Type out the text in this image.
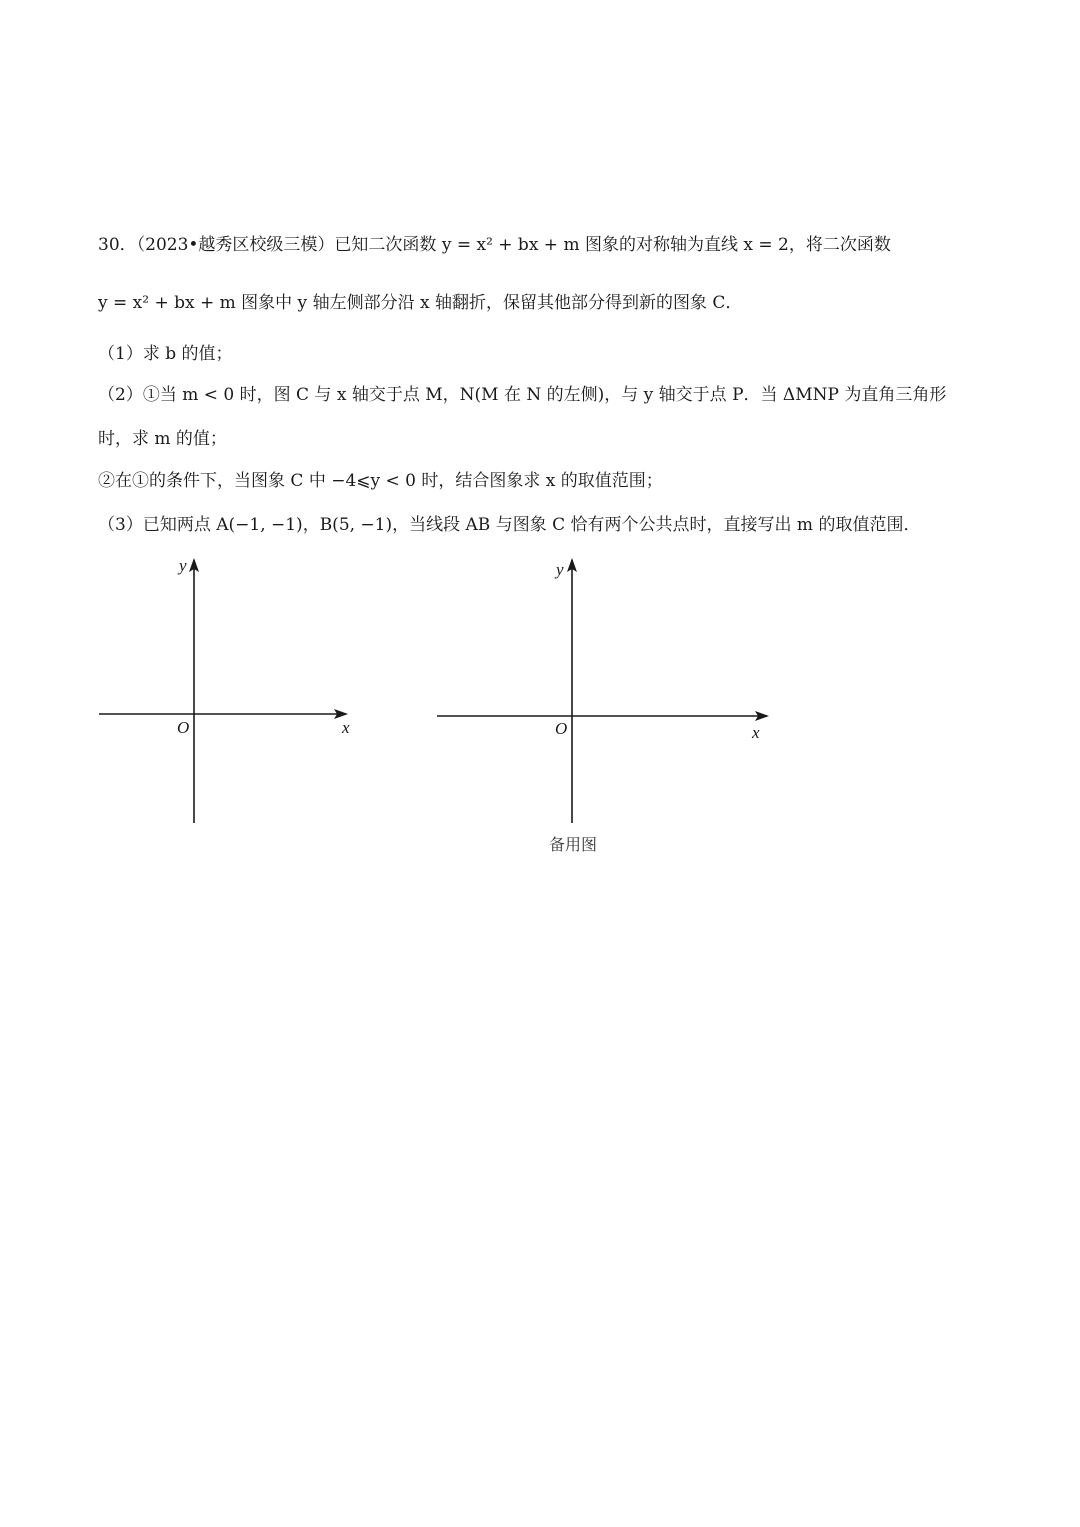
30．（2023•越秀区校级三模）已知二次函数 y = x² + bx + m 图象的对称轴为直线 x = 2，将二次函数
y = x² + bx + m 图象中 y 轴左侧部分沿 x 轴翻折，保留其他部分得到新的图象 C．
（1）求 b 的值；
（2）①当 m < 0 时，图 C 与 x 轴交于点 M，N(M 在 N 的左侧)，与 y 轴交于点 P．当 ΔMNP 为直角三角形
时，求 m 的值；
②在①的条件下，当图象 C 中 −4⩽y < 0 时，结合图象求 x 的取值范围；
（3）已知两点 A(−1, −1)，B(5, −1)，当线段 AB 与图象 C 恰有两个公共点时，直接写出 m 的取值范围．
y
x
O
y
x
O
备用图
